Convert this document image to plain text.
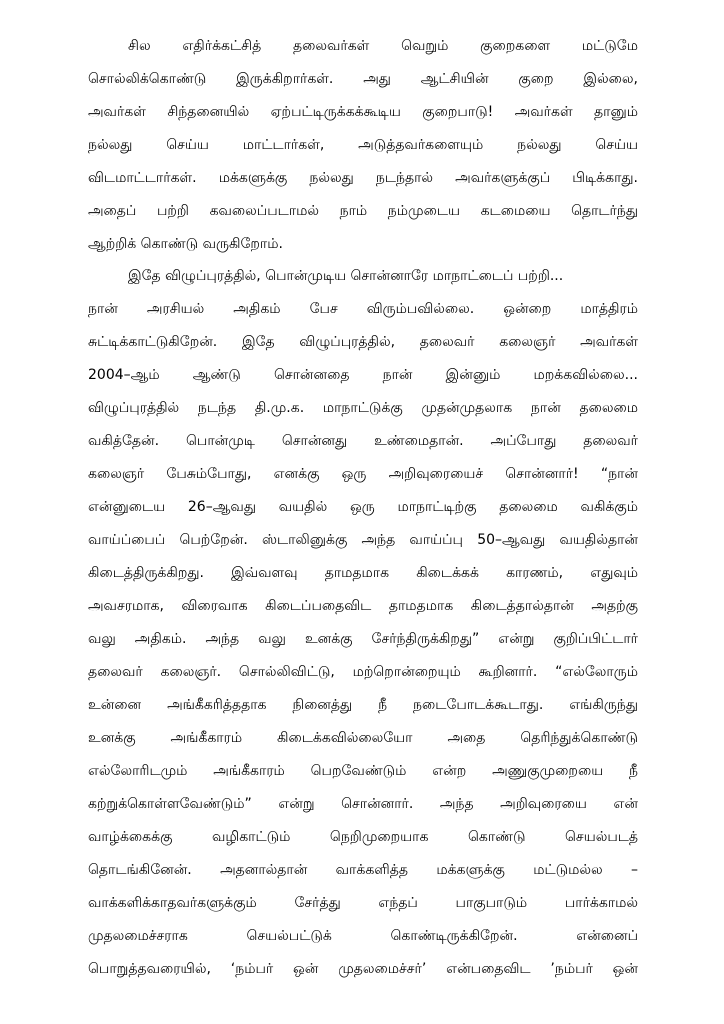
சில எதிர்க்கட்சித் தலைவர்கள் வெறும் குறைகளை மட்டுமே
சொல்லிக்கொண்டு இருக்கிறார்கள். அது ஆட்சியின் குறை இல்லை,
அவர்கள் சிந்தனையில் ஏற்பட்டிருக்கக்கூடிய குறைபாடு! அவர்கள் தானும்
நல்லது செய்ய மாட்டார்கள், அடுத்தவர்களையும் நல்லது செய்ய
விடமாட்டார்கள். மக்களுக்கு நல்லது நடந்தால் அவர்களுக்குப் பிடிக்காது.
அதைப் பற்றி கவலைப்படாமல் நாம் நம்முடைய கடமையை தொடர்ந்து
ஆற்றிக் கொண்டு வருகிறோம்.
இதே விழுப்புரத்தில், பொன்முடிய சொன்னாரே மாநாட்டைப் பற்றி...
நான் அரசியல் அதிகம் பேச விரும்பவில்லை. ஒன்றை மாத்திரம்
சுட்டிக்காட்டுகிறேன். இதே விழுப்புரத்தில், தலைவர் கலைஞர் அவர்கள்
2004–ஆம் ஆண்டு சொன்னதை நான் இன்னும் மறக்கவில்லை...
விழுப்புரத்தில் நடந்த தி.மு.க. மாநாட்டுக்கு முதன்முதலாக நான் தலைமை
வகித்தேன். பொன்முடி சொன்னது உண்மைதான். அப்போது தலைவர்
கலைஞர் பேசும்போது, எனக்கு ஒரு அறிவுரையைச் சொன்னார்! “நான்
என்னுடைய 26–ஆவது வயதில் ஒரு மாநாட்டிற்கு தலைமை வகிக்கும்
வாய்ப்பைப் பெற்றேன். ஸ்டாலினுக்கு அந்த வாய்ப்பு 50–ஆவது வயதில்தான்
கிடைத்திருக்கிறது. இவ்வளவு தாமதமாக கிடைக்கக் காரணம், எதுவும்
அவசரமாக, விரைவாக கிடைப்பதைவிட தாமதமாக கிடைத்தால்தான் அதற்கு
வலு அதிகம். அந்த வலு உனக்கு சேர்ந்திருக்கிறது” என்று குறிப்பிட்டார்
தலைவர் கலைஞர். சொல்லிவிட்டு, மற்றொன்றையும் கூறினார். “எல்லோரும்
உன்னை அங்கீகரித்ததாக நினைத்து நீ நடைபோடக்கூடாது. எங்கிருந்து
உனக்கு அங்கீகாரம் கிடைக்கவில்லையோ அதை தெரிந்துக்கொண்டு
எல்லோரிடமும் அங்கீகாரம் பெறவேண்டும் என்ற அணுகுமுறையை நீ
கற்றுக்கொள்ளவேண்டும்” என்று சொன்னார். அந்த அறிவுரையை என்
வாழ்க்கைக்கு வழிகாட்டும் நெறிமுறையாக கொண்டு செயல்படத்
தொடங்கினேன். அதனால்தான் வாக்களித்த மக்களுக்கு மட்டுமல்ல –
வாக்களிக்காதவர்களுக்கும் சேர்த்து எந்தப் பாகுபாடும் பார்க்காமல்
முதலமைச்சராக செயல்பட்டுக் கொண்டிருக்கிறேன். என்னைப்
பொறுத்தவரையில், ‘நம்பர் ஒன் முதலமைச்சர்’ என்பதைவிட ’நம்பர் ஒன்
